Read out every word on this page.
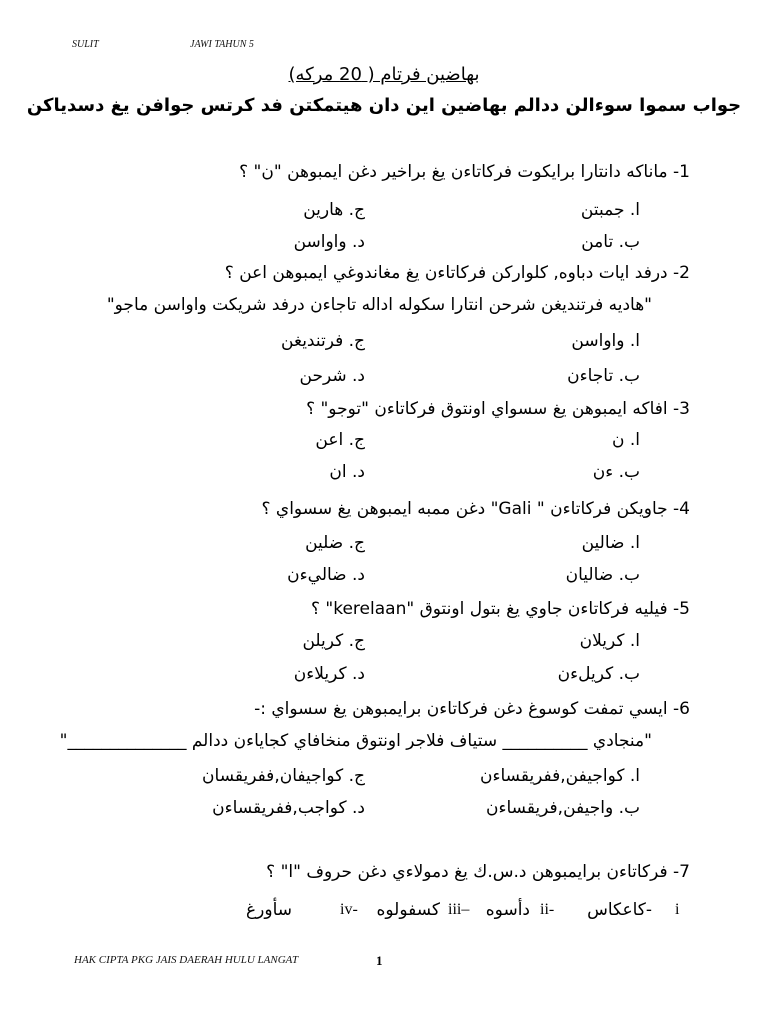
SULIT	JAWI TAHUN 5
بهاضين فرتام ( 20 مركه)
جواب سموا سوءالن ددالم بهاضين اين دان هيتمكتن فد كرتس جوافن يغ دسدياكن
1- ماناكه دانتارا برايكوت فركاتاءن يغ براخير دغن ايمبوهن "ن" ؟
ا. جمبتن
ج. هارين
ب. تامن
د. واواسن
2- درفد ايات دباوه, كلواركن فركاتاءن يغ مغاندوغي ايمبوهن اعن ؟
"هاديه فرتنديغن شرحن انتارا سكوله اداله تاجاءن درفد شريكت واواسن ماجو"
ا. واواسن
ج. فرتنديغن
ب. تاجاءن
د. شرحن
3- افاكه ايمبوهن يغ سسواي اونتوق فركاتاءن "توجو" ؟
ا. ن
ج. اعن
ب. ءن
د. ان
4- جاويكن فركاتاءن " Gali" دغن ممبه ايمبوهن يغ سسواي ؟
ا. ضالين
ج. ضلين
ب. ضاليان
د. ضاليءن
5- فيليه فركاتاءن جاوي يغ بتول اونتوق "kerelaan" ؟
ا. كريلان
ج. كريلن
ب. كريلءن
د. كريلاءن
6- ايسي تمفت كوسوغ دغن فركاتاءن برايمبوهن يغ سسواي :-
"منجادي __________ ستياف فلاجر اونتوق منخافاي كجاياءن ددالم ______________"
ا. كواجيفن,ففريقساءن
ج. كواجيفان,ففريقسان
ب. واجيفن,فريقساءن
د. كواجب,ففريقساءن
7- فركاتاءن برايمبوهن د.س.ك يغ دمولاءي دغن حروف "ا" ؟
i
-كاعكاس
ii-
دأسوه
iii–
كسفولوه
iv-
سأورغ
HAK CIPTA PKG JAIS DAERAH HULU LANGAT	1
